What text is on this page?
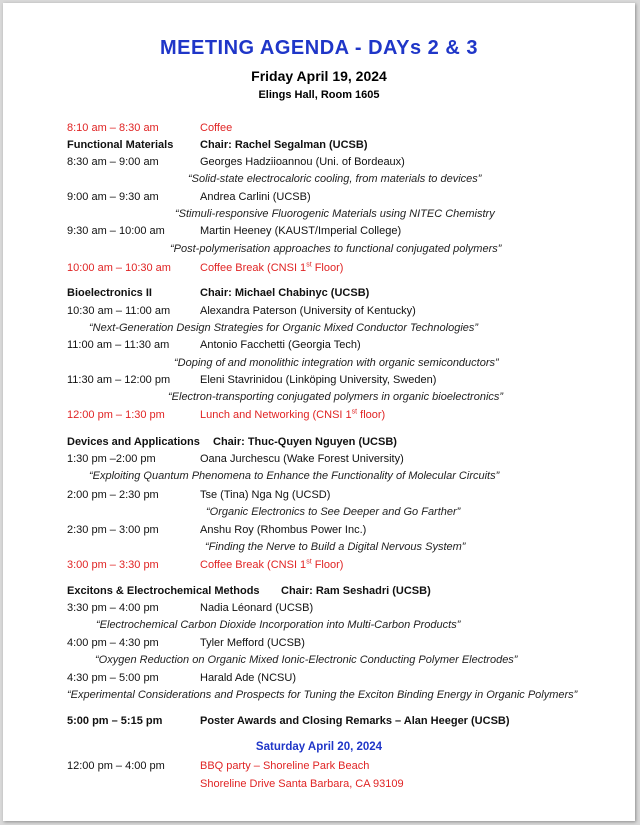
MEETING AGENDA - DAYs 2 & 3
Friday April 19, 2024
Elings Hall, Room 1605
8:10 am – 8:30 am	Coffee
Functional Materials Chair: Rachel Segalman (UCSB)
8:30 am – 9:00 am	Georges Hadziioannou (Uni. of Bordeaux)
“Solid-state electrocaloric cooling, from materials to devices”
9:00 am – 9:30 am	Andrea Carlini (UCSB)
“Stimuli-responsive Fluorogenic Materials using NITEC Chemistry
9:30 am – 10:00 am	Martin Heeney (KAUST/Imperial College)
“Post-polymerisation approaches to functional conjugated polymers”
10:00 am – 10:30 am	Coffee Break (CNSI 1st Floor)
Bioelectronics II	Chair: Michael Chabinyc (UCSB)
10:30 am – 11:00 am	Alexandra Paterson (University of Kentucky)
“Next-Generation Design Strategies for Organic Mixed Conductor Technologies”
11:00 am – 11:30 am	Antonio Facchetti (Georgia Tech)
“Doping of and monolithic integration with organic semiconductors”
11:30 am – 12:00 pm	Eleni Stavrinidou (Linköping University, Sweden)
“Electron-transporting conjugated polymers in organic bioelectronics”
12:00 pm – 1:30 pm	Lunch and Networking (CNSI 1st floor)
Devices and Applications Chair: Thuc-Quyen Nguyen (UCSB)
1:30 pm –2:00 pm	Oana Jurchescu (Wake Forest University)
“Exploiting Quantum Phenomena to Enhance the Functionality of Molecular Circuits”
2:00 pm – 2:30 pm	Tse (Tina) Nga Ng (UCSD)
“Organic Electronics to See Deeper and Go Farther”
2:30 pm – 3:00 pm	Anshu Roy (Rhombus Power Inc.)
“Finding the Nerve to Build a Digital Nervous System”
3:00 pm – 3:30 pm	Coffee Break (CNSI 1st Floor)
Excitons & Electrochemical Methods Chair: Ram Seshadri (UCSB)
3:30 pm – 4:00 pm	Nadia Léonard (UCSB)
“Electrochemical Carbon Dioxide Incorporation into Multi-Carbon Products”
4:00 pm – 4:30 pm	Tyler Mefford (UCSB)
“Oxygen Reduction on Organic Mixed Ionic-Electronic Conducting Polymer Electrodes”
4:30 pm – 5:00 pm	Harald Ade (NCSU)
“Experimental Considerations and Prospects for Tuning the Exciton Binding Energy in Organic Polymers”
5:00 pm – 5:15 pm	Poster Awards and Closing Remarks – Alan Heeger (UCSB)
Saturday April 20, 2024
12:00 pm – 4:00 pm	BBQ party – Shoreline Park Beach
Shoreline Drive Santa Barbara, CA 93109
